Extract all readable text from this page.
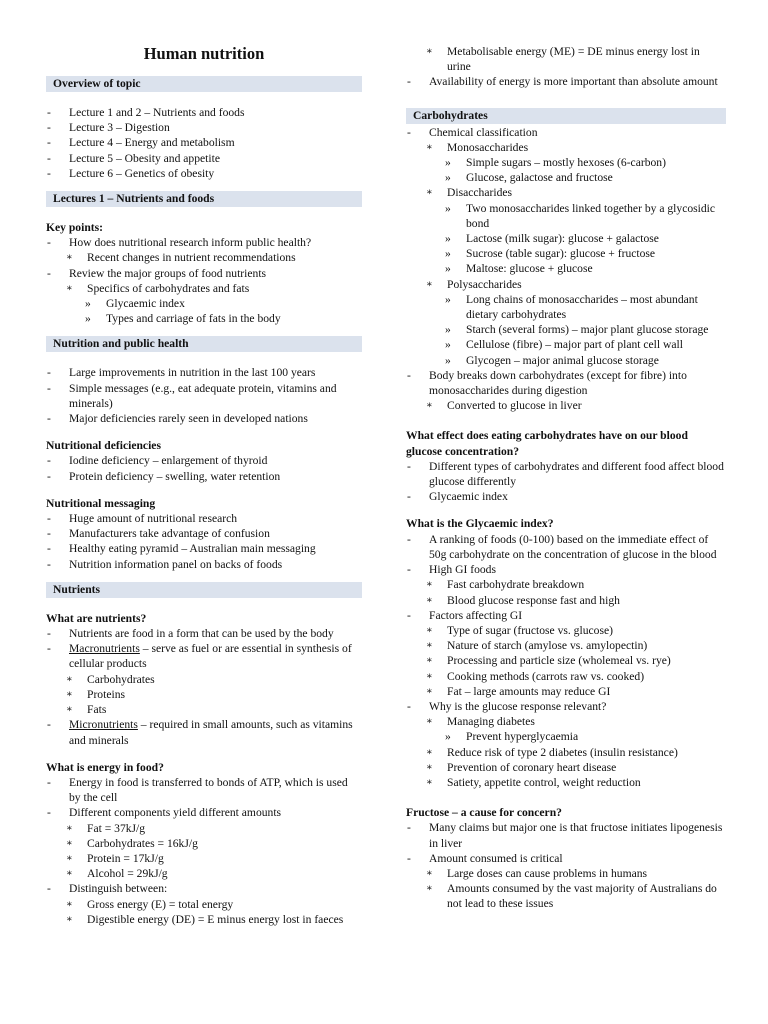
Human nutrition
Overview of topic
- Lecture 1 and 2 – Nutrients and foods
- Lecture 3 – Digestion
- Lecture 4 – Energy and metabolism
- Lecture 5 – Obesity and appetite
- Lecture 6 – Genetics of obesity
Lectures 1 – Nutrients and foods
Key points:
- How does nutritional research inform public health?
∗ Recent changes in nutrient recommendations
- Review the major groups of food nutrients
∗ Specifics of carbohydrates and fats
» Glycaemic index
» Types and carriage of fats in the body
Nutrition and public health
- Large improvements in nutrition in the last 100 years
- Simple messages (e.g., eat adequate protein, vitamins and minerals)
- Major deficiencies rarely seen in developed nations
Nutritional deficiencies
- Iodine deficiency – enlargement of thyroid
- Protein deficiency – swelling, water retention
Nutritional messaging
- Huge amount of nutritional research
- Manufacturers take advantage of confusion
- Healthy eating pyramid – Australian main messaging
- Nutrition information panel on backs of foods
Nutrients
What are nutrients?
- Nutrients are food in a form that can be used by the body
- Macronutrients – serve as fuel or are essential in synthesis of cellular products
∗ Carbohydrates
∗ Proteins
∗ Fats
- Micronutrients – required in small amounts, such as vitamins and minerals
What is energy in food?
- Energy in food is transferred to bonds of ATP, which is used by the cell
- Different components yield different amounts
∗ Fat = 37kJ/g
∗ Carbohydrates = 16kJ/g
∗ Protein = 17kJ/g
∗ Alcohol = 29kJ/g
- Distinguish between:
∗ Gross energy (E) = total energy
∗ Digestible energy (DE) = E minus energy lost in faeces
∗ Metabolisable energy (ME) = DE minus energy lost in urine
- Availability of energy is more important than absolute amount
Carbohydrates
- Chemical classification
∗ Monosaccharides
» Simple sugars – mostly hexoses (6-carbon)
» Glucose, galactose and fructose
∗ Disaccharides
» Two monosaccharides linked together by a glycosidic bond
» Lactose (milk sugar): glucose + galactose
» Sucrose (table sugar): glucose + fructose
» Maltose: glucose + glucose
∗ Polysaccharides
» Long chains of monosaccharides – most abundant dietary carbohydrates
» Starch (several forms) – major plant glucose storage
» Cellulose (fibre) – major part of plant cell wall
» Glycogen – major animal glucose storage
- Body breaks down carbohydrates (except for fibre) into monosaccharides during digestion
∗ Converted to glucose in liver
What effect does eating carbohydrates have on our blood glucose concentration?
- Different types of carbohydrates and different food affect blood glucose differently
- Glycaemic index
What is the Glycaemic index?
- A ranking of foods (0-100) based on the immediate effect of 50g carbohydrate on the concentration of glucose in the blood
- High GI foods
∗ Fast carbohydrate breakdown
∗ Blood glucose response fast and high
- Factors affecting GI
∗ Type of sugar (fructose vs. glucose)
∗ Nature of starch (amylose vs. amylopectin)
∗ Processing and particle size (wholemeal vs. rye)
∗ Cooking methods (carrots raw vs. cooked)
∗ Fat – large amounts may reduce GI
- Why is the glucose response relevant?
∗ Managing diabetes
» Prevent hyperglycaemia
∗ Reduce risk of type 2 diabetes (insulin resistance)
∗ Prevention of coronary heart disease
∗ Satiety, appetite control, weight reduction
Fructose – a cause for concern?
- Many claims but major one is that fructose initiates lipogenesis in liver
- Amount consumed is critical
∗ Large doses can cause problems in humans
∗ Amounts consumed by the vast majority of Australians do not lead to these issues
